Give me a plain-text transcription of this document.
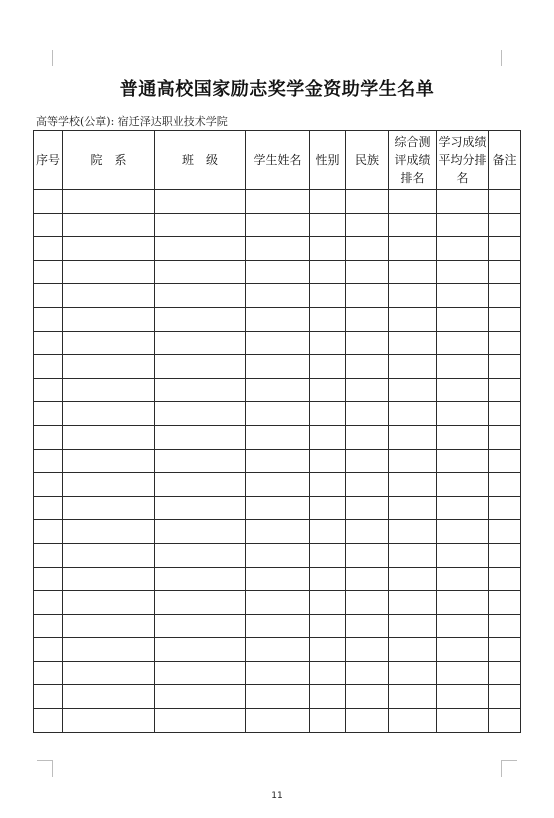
普通高校国家励志奖学金资助学生名单
高等学校(公章): 宿迁泽达职业技术学院
序号	院　系	班　级	学生姓名	性别	民族	综合测评成绩排名	学习成绩平均分排名	备注

11
